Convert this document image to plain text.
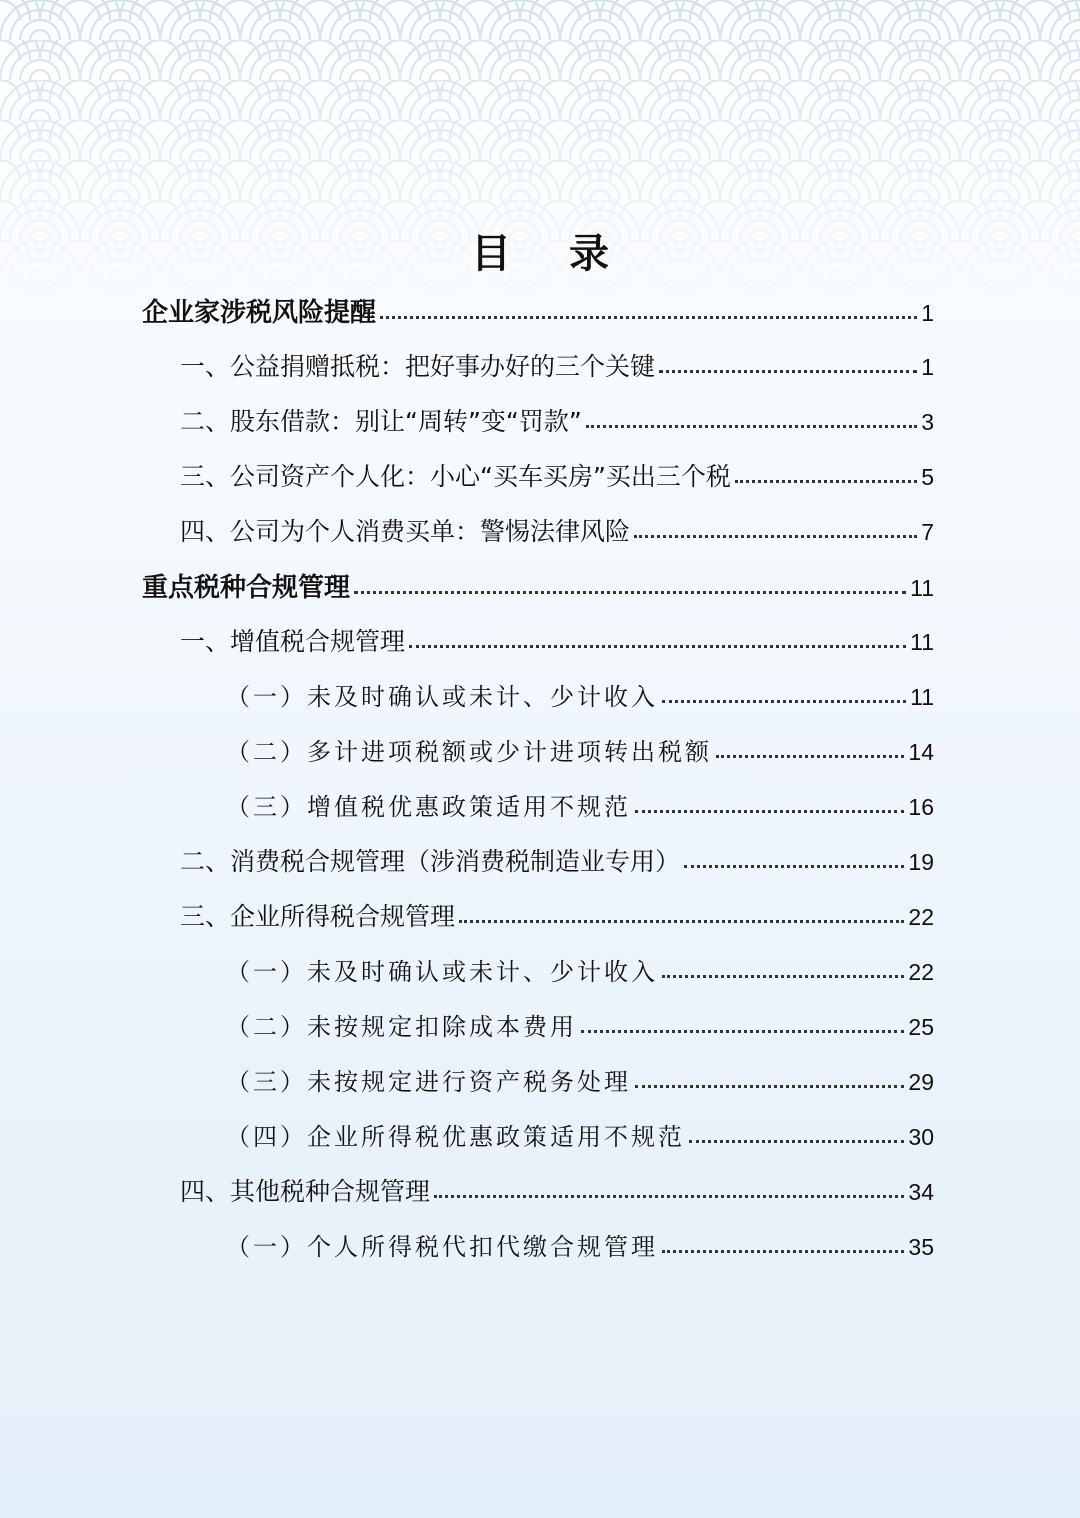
目 录
企业家涉税风险提醒	1
一、公益捐赠抵税：把好事办好的三个关键	1
二、股东借款：别让“周转”变“罚款”	3
三、公司资产个人化：小心“买车买房”买出三个税	5
四、公司为个人消费买单：警惕法律风险	7
重点税种合规管理	11
一、增值税合规管理	11
（一）未及时确认或未计、少计收入	11
（二）多计进项税额或少计进项转出税额	14
（三）增值税优惠政策适用不规范	16
二、消费税合规管理（涉消费税制造业专用）	19
三、企业所得税合规管理	22
（一）未及时确认或未计、少计收入	22
（二）未按规定扣除成本费用	25
（三）未按规定进行资产税务处理	29
（四）企业所得税优惠政策适用不规范	30
四、其他税种合规管理	34
（一）个人所得税代扣代缴合规管理	35
